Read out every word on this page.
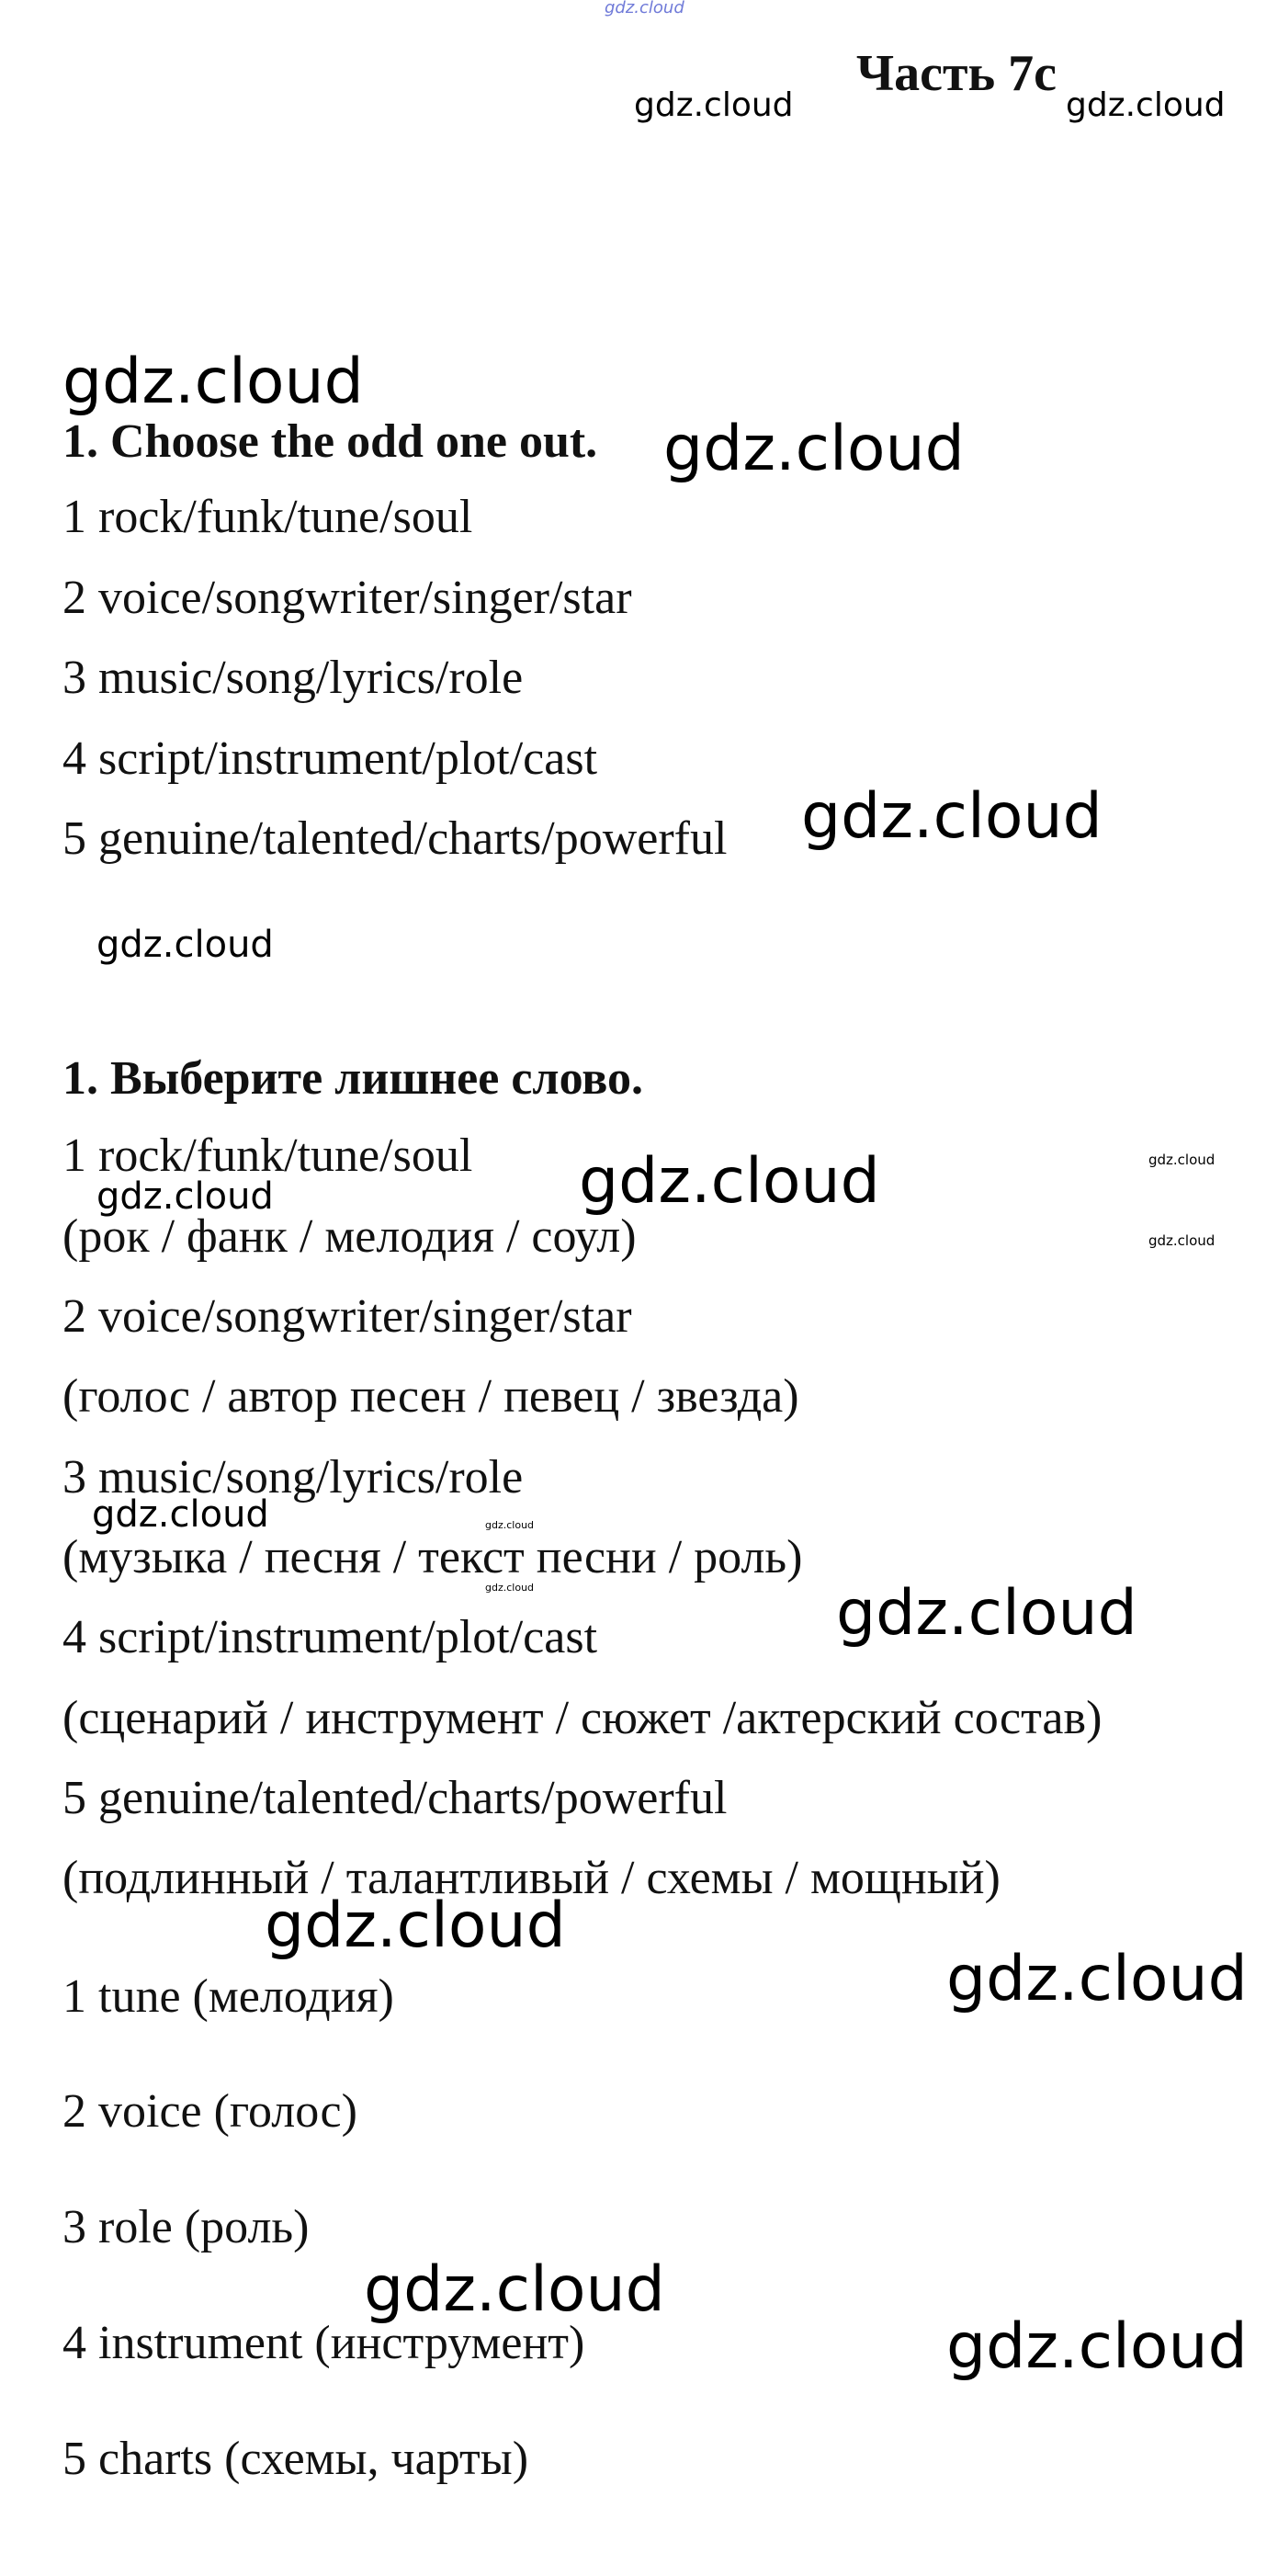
Часть 7c
1. Choose the odd one out.
1 rock/funk/tune/soul
2 voice/songwriter/singer/star
3 music/song/lyrics/role
4 script/instrument/plot/cast
5 genuine/talented/charts/powerful
1. Выберите лишнее слово.
1 rock/funk/tune/soul
(рок / фанк / мелодия / соул)
2 voice/songwriter/singer/star
(голос / автор песен / певец / звезда)
3 music/song/lyrics/role
(музыка / песня / текст песни / роль)
4 script/instrument/plot/cast
(сценарий / инструмент / сюжет /актерский состав)
5 genuine/talented/charts/powerful
(подлинный / талантливый / схемы / мощный)
1 tune (мелодия)
2 voice (голос)
3 role (роль)
4 instrument (инструмент)
5 charts (схемы, чарты)
gdz.cloud
gdz.cloud	gdz.cloud
gdz.cloud
gdz.cloud
gdz.cloud
gdz.cloud
gdz.cloud
gdz.cloud
gdz.cloud
gdz.cloud
gdz.cloud	gdz.cloud
gdz.cloud	gdz.cloud
gdz.cloud
gdz.cloud
gdz.cloud
gdz.cloud
